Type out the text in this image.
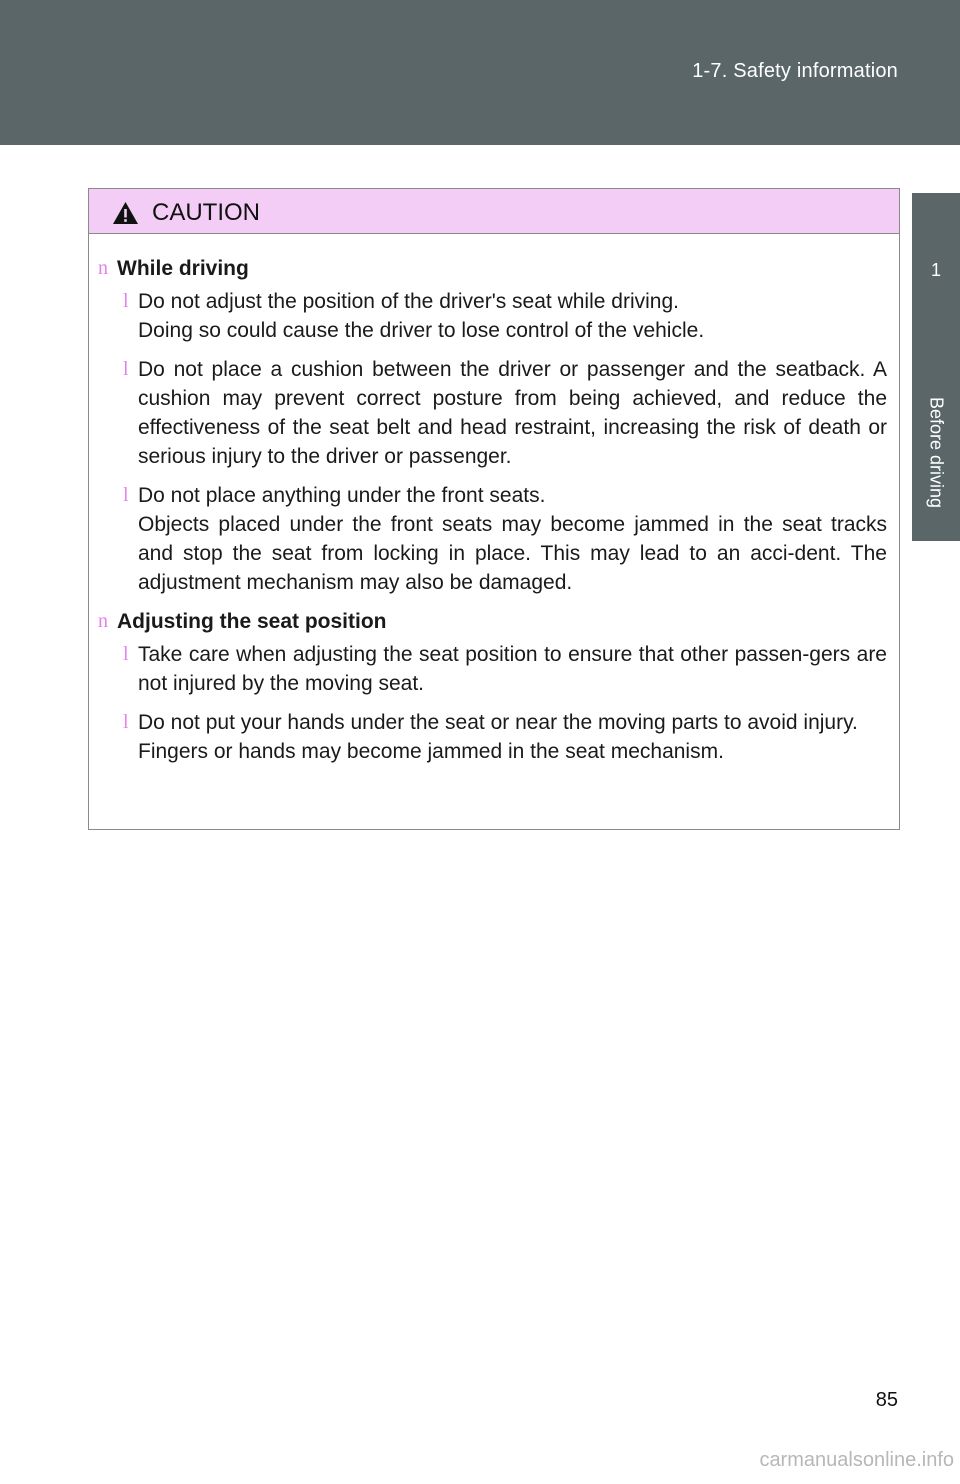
1-7. Safety information
1
Before driving
CAUTION
n While driving
l Do not adjust the position of the driver's seat while driving.

Doing so could cause the driver to lose control of the vehicle.

l Do not place a cushion between the driver or passenger and the seatback. A cushion may prevent correct posture from being achieved, and reduce the effectiveness of the seat belt and head restraint, increasing the risk of death or serious injury to the driver or passenger.

l Do not place anything under the front seats.

Objects placed under the front seats may become jammed in the seat tracks and stop the seat from locking in place. This may lead to an acci-dent. The adjustment mechanism may also be damaged.

n Adjusting the seat position
l Take care when adjusting the seat position to ensure that other passen-gers are not injured by the moving seat.

l Do not put your hands under the seat or near the moving parts to avoid injury.

Fingers or hands may become jammed in the seat mechanism.

85
carmanualsonline.info
